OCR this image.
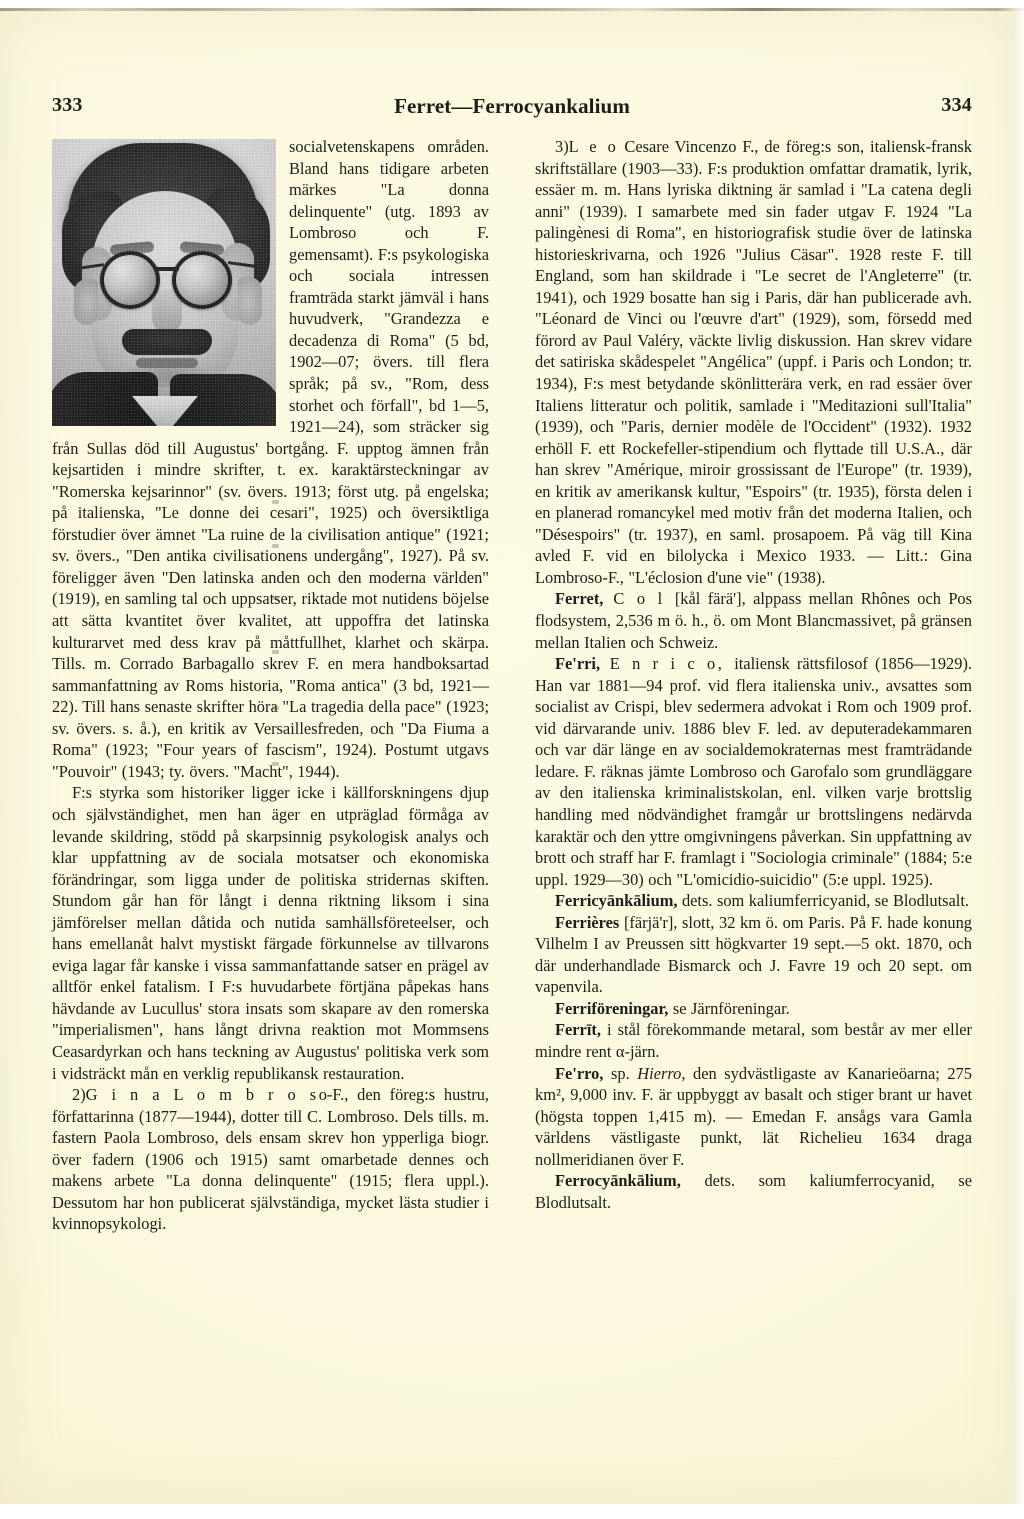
333	Ferret—Ferrocyankalium	334

socialvetenskapens områden. Bland hans tidigare arbeten märkes "La donna delinquente" (utg. 1893 av Lombroso och F. gemensamt). F:s psykologiska och sociala intressen framträda starkt jämväl i hans huvudverk, "Grandezza e decadenza di Roma" (5 bd, 1902—07; övers. till flera språk; på sv., "Rom, dess storhet och förfall", bd 1—5, 1921—24), som sträcker sig från Sullas död till Augustus' bortgång. F. upptog ämnen från kejsartiden i mindre skrifter, t. ex. karaktärsteckningar av "Romerska kejsarinnor" (sv. övers. 1913; först utg. på engelska; på italienska, "Le donne dei cesari", 1925) och översiktliga förstudier över ämnet "La ruine de la civilisation antique" (1921; sv. övers., "Den antika civilisationens undergång", 1927). På sv. föreligger även "Den latinska anden och den moderna världen" (1919), en samling tal och uppsatser, riktade mot nutidens böjelse att sätta kvantitet över kvalitet, att uppoffra det latinska kulturarvet med dess krav på måttfullhet, klarhet och skärpa. Tills. m. Corrado Barbagallo skrev F. en mera handboksartad sammanfattning av Roms historia, "Roma antica" (3 bd, 1921—22). Till hans senaste skrifter höra "La tragedia della pace" (1923; sv. övers. s. å.), en kritik av Versaillesfreden, och "Da Fiuma a Roma" (1923; "Four years of fascism", 1924). Postumt utgavs "Pouvoir" (1943; ty. övers. "Macht", 1944).

F:s styrka som historiker ligger icke i källforskningens djup och självständighet, men han äger en utpräglad förmåga av levande skildring, stödd på skarpsinnig psykologisk analys och klar uppfattning av de sociala motsatser och ekonomiska förändringar, som ligga under de politiska stridernas skiften. Stundom går han för långt i denna riktning liksom i sina jämförelser mellan dåtida och nutida samhällsföreteelser, och hans emellanåt halvt mystiskt färgade förkunnelse av tillvarons eviga lagar får kanske i vissa sammanfattande satser en prägel av alltför enkel fatalism. I F:s huvudarbete förtjäna påpekas hans hävdande av Lucullus' stora insats som skapare av den romerska "imperialismen", hans långt drivna reaktion mot Mommsens Ceasardyrkan och hans teckning av Augustus' politiska verk som i vidsträckt mån en verklig republikansk restauration.

2)G i n a L o m b r o so-F., den föreg:s hustru, författarinna (1877—1944), dotter till C. Lombroso. Dels tills. m. fastern Paola Lombroso, dels ensam skrev hon ypperliga biogr. över fadern (1906 och 1915) samt omarbetade dennes och makens arbete "La donna delinquente" (1915; flera uppl.). Dessutom har hon publicerat självständiga, mycket lästa studier i kvinnopsykologi.

3)L e o Cesare Vincenzo F., de föreg:s son, italiensk-fransk skriftställare (1903—33). F:s produktion omfattar dramatik, lyrik, essäer m. m. Hans lyriska diktning är samlad i "La catena degli anni" (1939). I samarbete med sin fader utgav F. 1924 "La palingènesi di Roma", en historiografisk studie över de latinska historieskrivarna, och 1926 "Julius Cäsar". 1928 reste F. till England, som han skildrade i "Le secret de l'Angleterre" (tr. 1941), och 1929 bosatte han sig i Paris, där han publicerade avh. "Léonard de Vinci ou l'œuvre d'art" (1929), som, försedd med förord av Paul Valéry, väckte livlig diskussion. Han skrev vidare det satiriska skådespelet "Angélica" (uppf. i Paris och London; tr. 1934), F:s mest betydande skönlitterära verk, en rad essäer över Italiens litteratur och politik, samlade i "Meditazioni sull'Italia" (1939), och "Paris, dernier modèle de l'Occident" (1932). 1932 erhöll F. ett Rockefeller-stipendium och flyttade till U.S.A., där han skrev "Amérique, miroir grossissant de l'Europe" (tr. 1939), en kritik av amerikansk kultur, "Espoirs" (tr. 1935), första delen i en planerad romancykel med motiv från det moderna Italien, och "Désespoirs" (tr. 1937), en saml. prosapoem. På väg till Kina avled F. vid en bilolycka i Mexico 1933. — Litt.: Gina Lombroso-F., "L'éclosion d'une vie" (1938).

Ferret, C o l [kål färä'], alppass mellan Rhônes och Pos flodsystem, 2,536 m ö. h., ö. om Mont Blancmassivet, på gränsen mellan Italien och Schweiz.

Fe'rri, E n r i c o, italiensk rättsfilosof (1856—1929). Han var 1881—94 prof. vid flera italienska univ., avsattes som socialist av Crispi, blev sedermera advokat i Rom och 1909 prof. vid därvarande univ. 1886 blev F. led. av deputeradekammaren och var där länge en av socialdemokraternas mest framträdande ledare. F. räknas jämte Lombroso och Garofalo som grundläggare av den italienska kriminalistskolan, enl. vilken varje brottslig handling med nödvändighet framgår ur brottslingens nedärvda karaktär och den yttre omgivningens påverkan. Sin uppfattning av brott och straff har F. framlagt i "Sociologia criminale" (1884; 5:e uppl. 1929—30) och "L'omicidio-suicidio" (5:e uppl. 1925).

Ferricyānkālium, dets. som kaliumferricyanid, se Blodlutsalt.

Ferrières [färjä'r], slott, 32 km ö. om Paris. På F. hade konung Vilhelm I av Preussen sitt högkvarter 19 sept.—5 okt. 1870, och där underhandlade Bismarck och J. Favre 19 och 20 sept. om vapenvila.

Ferriföreningar, se Järnföreningar.

Ferrīt, i stål förekommande metaral, som består av mer eller mindre rent α-järn.

Fe'rro, sp. Hierro, den sydvästligaste av Kanarieöarna; 275 km², 9,000 inv. F. är uppbyggt av basalt och stiger brant ur havet (högsta toppen 1,415 m). — Emedan F. ansågs vara Gamla världens västligaste punkt, lät Richelieu 1634 draga nollmeridianen över F.

Ferrocyānkālium, dets. som kaliumferrocyanid, se Blodlutsalt.
